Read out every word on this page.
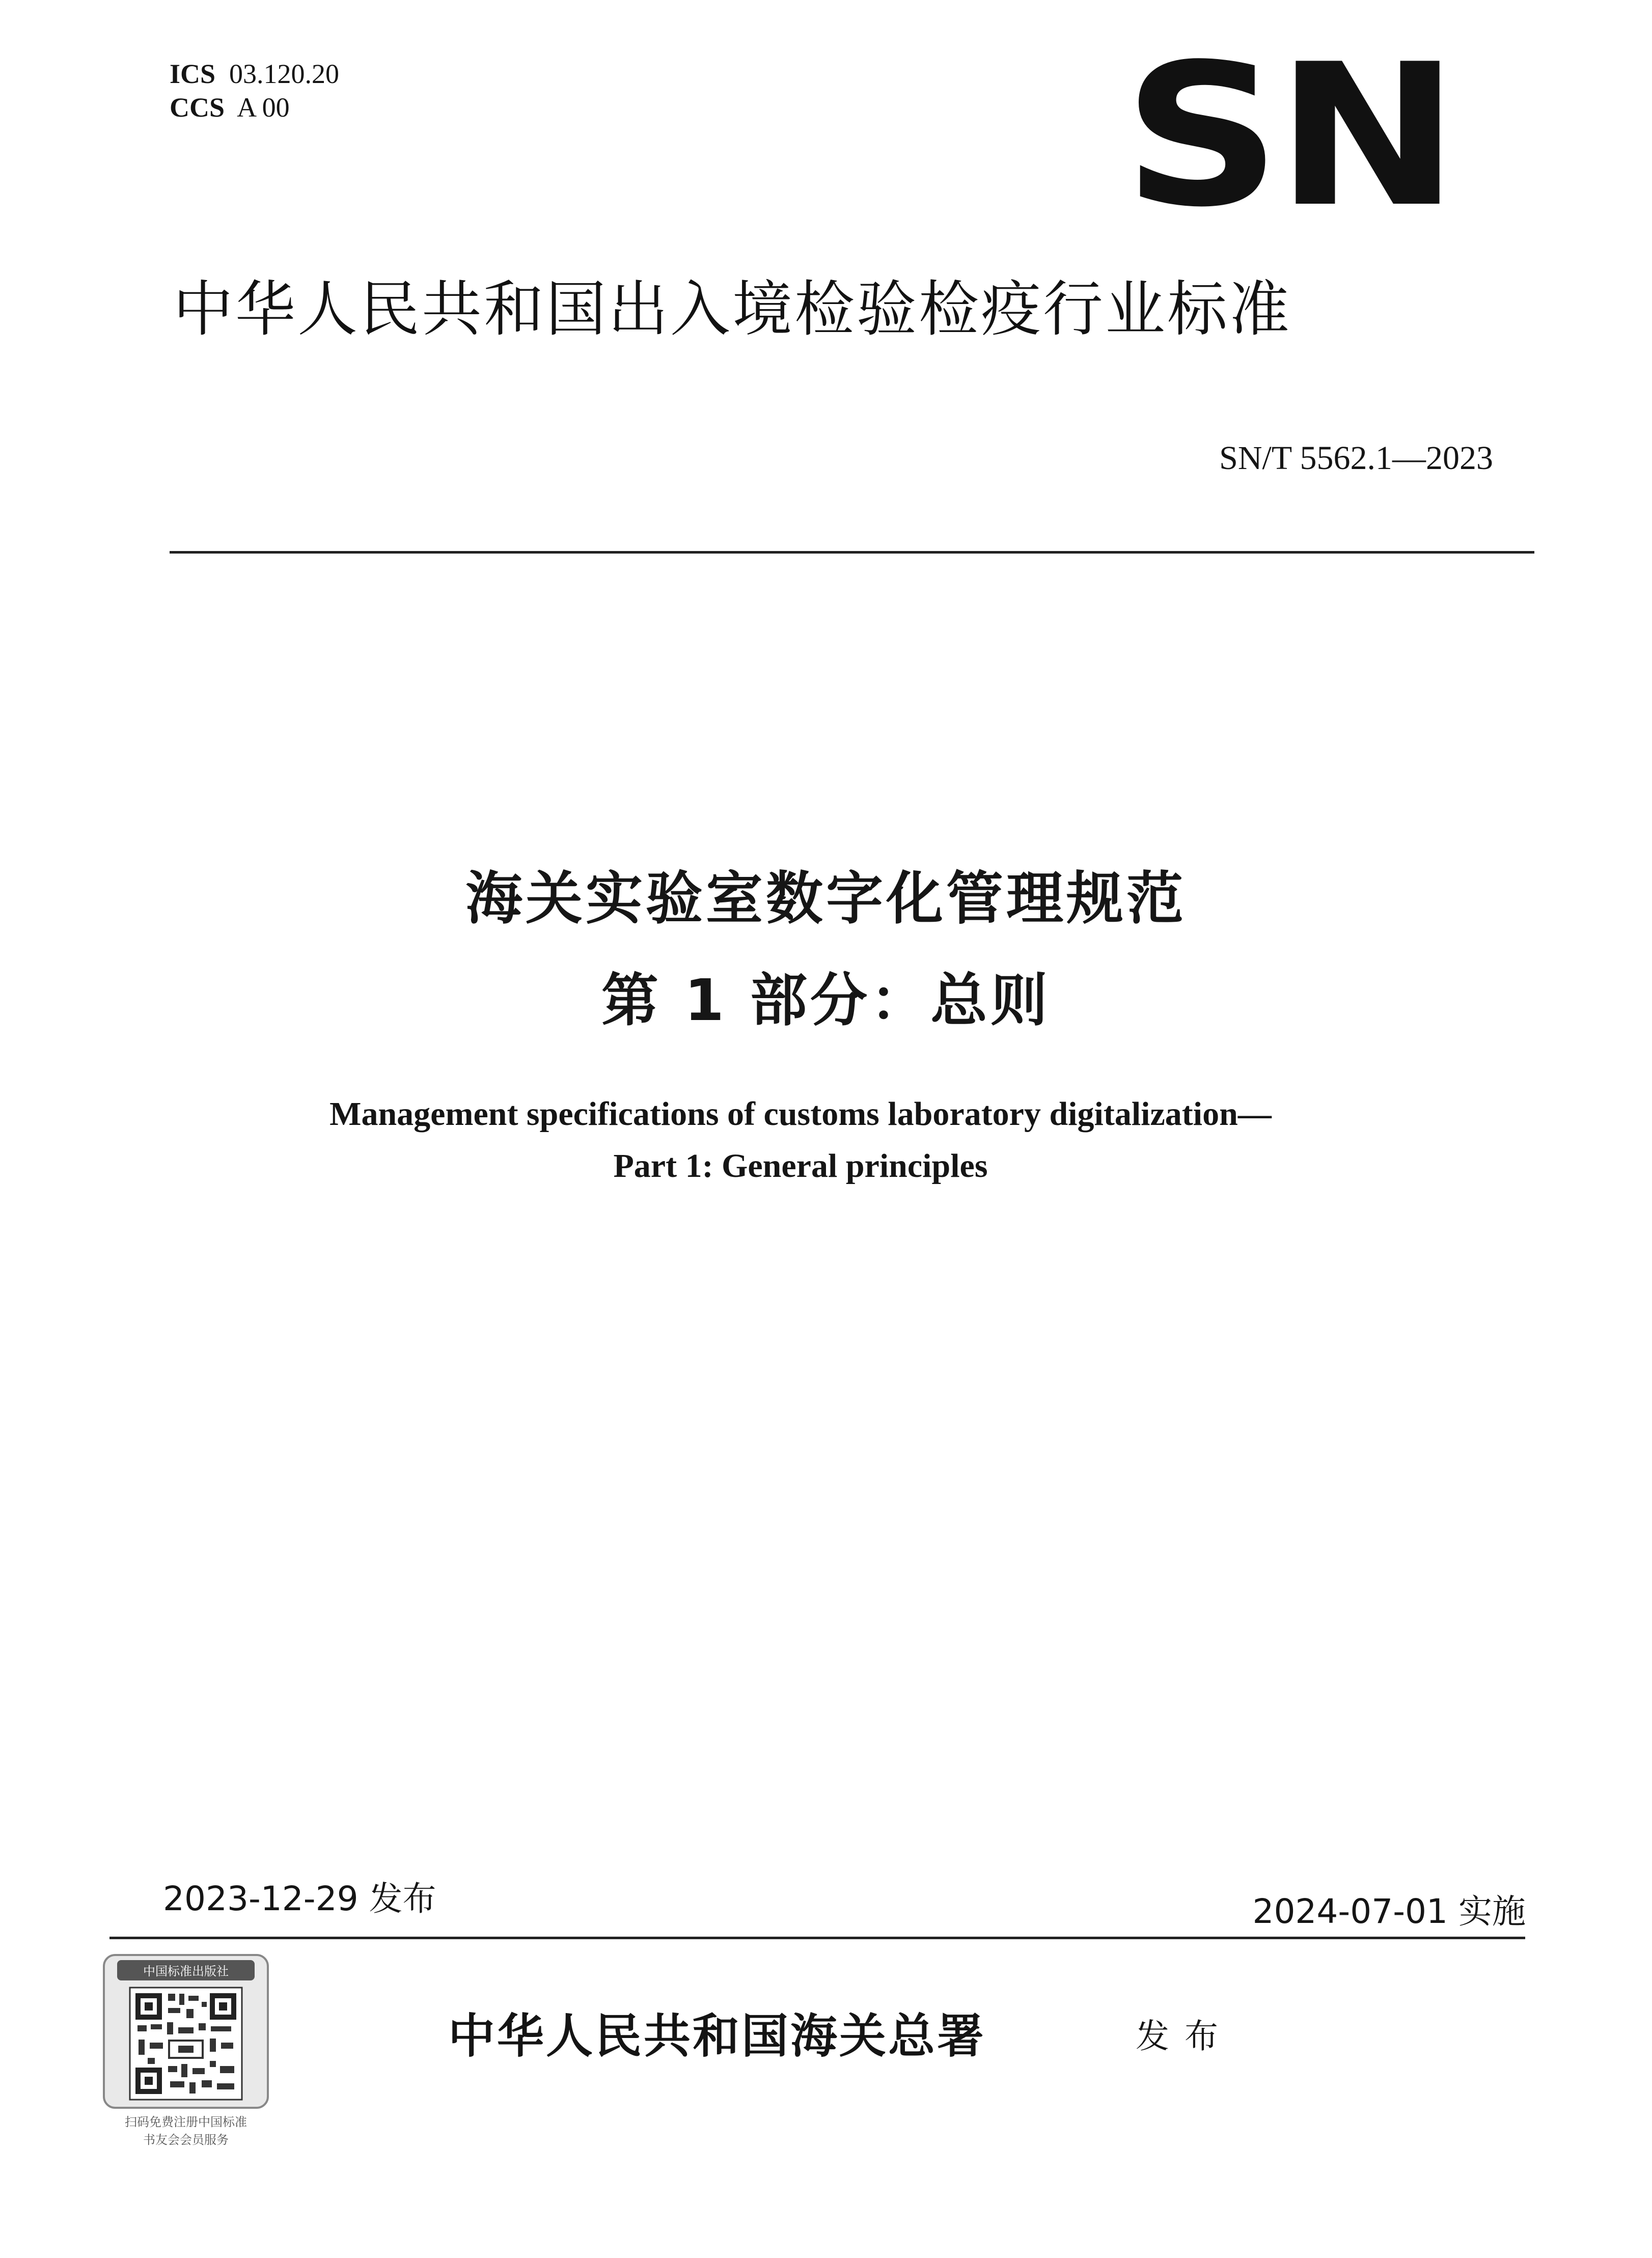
ICS 03.120.20
CCS A 00	SN
中华人民共和国出入境检验检疫行业标准
SN/T 5562.1—2023
海关实验室数字化管理规范
第 1 部分：总则
Management specifications of customs laboratory digitalization—
Part 1: General principles
2023-12-29 发布	2024-07-01 实施
中国标准出版社
扫码免费注册中国标准
书友会会员服务
中华人民共和国海关总署	发布
